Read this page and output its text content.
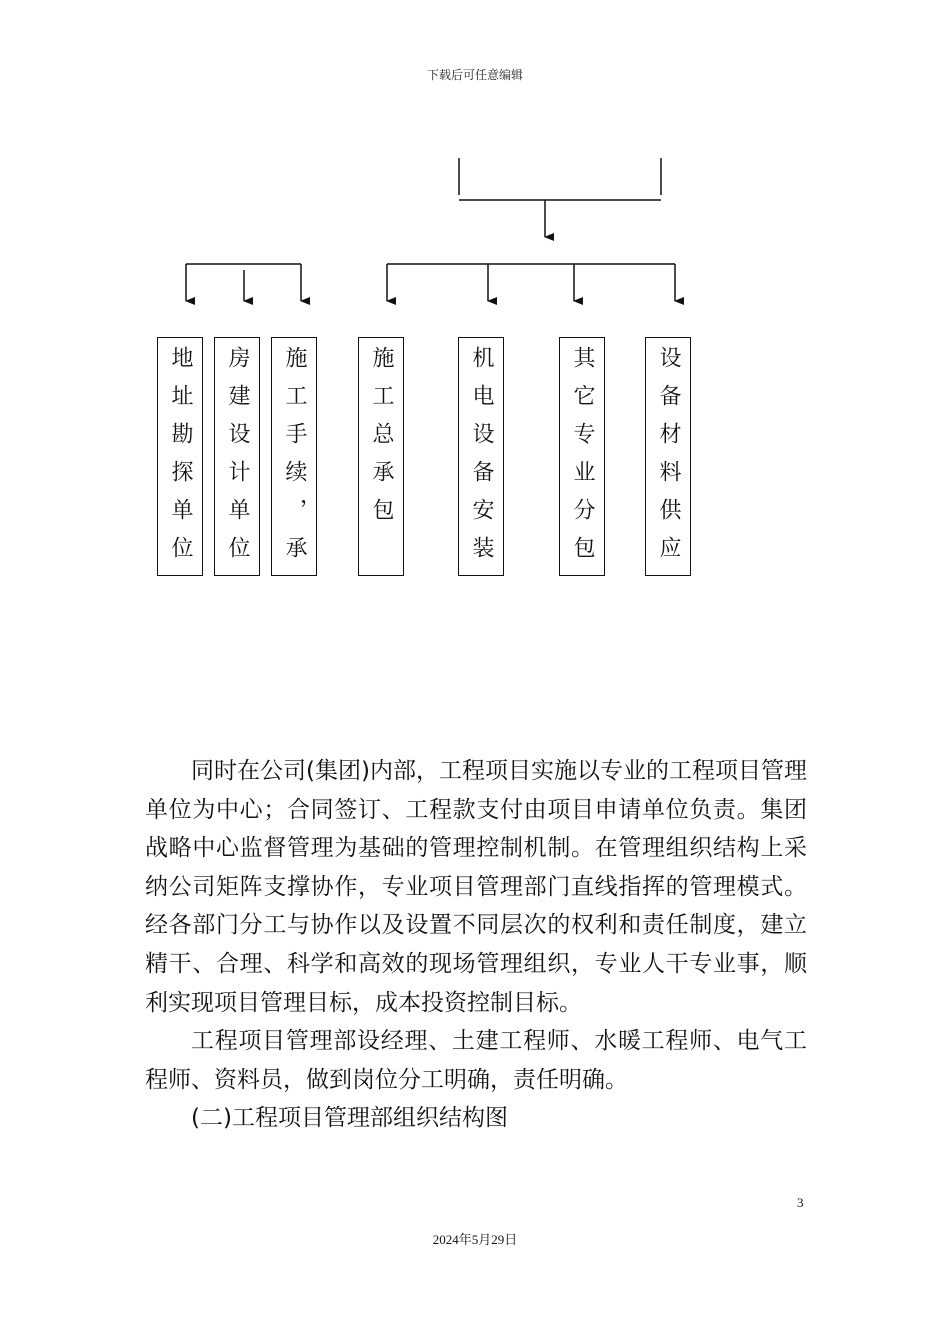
下载后可任意编辑
地址勘探单位 房建设计单位 施工手续，承	施工总承包	机电设备安装	其它专业分包	设备材料供应

同时在公司(集团)内部，工程项目实施以专业的工程项目管理单位为中心；合同签订、工程款支付由项目申请单位负责。集团战略中心监督管理为基础的管理控制机制。在管理组织结构上采纳公司矩阵支撑协作，专业项目管理部门直线指挥的管理模式。经各部门分工与协作以及设置不同层次的权利和责任制度，建立精干、合理、科学和高效的现场管理组织，专业人干专业事，顺利实现项目管理目标，成本投资控制目标。

工程项目管理部设经理、土建工程师、水暖工程师、电气工程师、资料员，做到岗位分工明确，责任明确。

(二)工程项目管理部组织结构图

3
2024年5月29日
